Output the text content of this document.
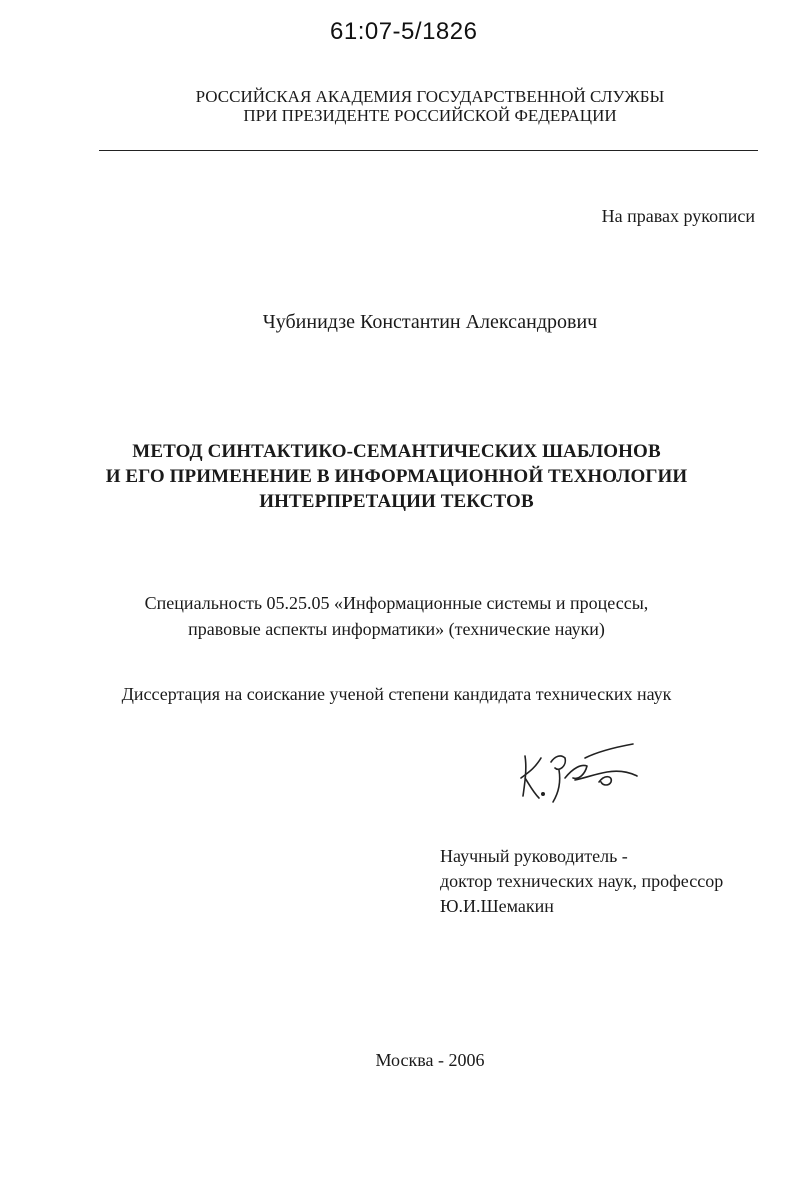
61:07-5/1826
РОССИЙСКАЯ АКАДЕМИЯ ГОСУДАРСТВЕННОЙ СЛУЖБЫ
ПРИ ПРЕЗИДЕНТЕ РОССИЙСКОЙ ФЕДЕРАЦИИ
На правах рукописи
Чубинидзе Константин Александрович
МЕТОД СИНТАКТИКО-СЕМАНТИЧЕСКИХ ШАБЛОНОВ
И ЕГО ПРИМЕНЕНИЕ В ИНФОРМАЦИОННОЙ ТЕХНОЛОГИИ
ИНТЕРПРЕТАЦИИ ТЕКСТОВ
Специальность 05.25.05 «Информационные системы и процессы,
правовые аспекты информатики» (технические науки)
Диссертация на соискание ученой степени кандидата технических наук
Научный руководитель -
доктор технических наук, профессор
Ю.И.Шемакин
Москва - 2006
